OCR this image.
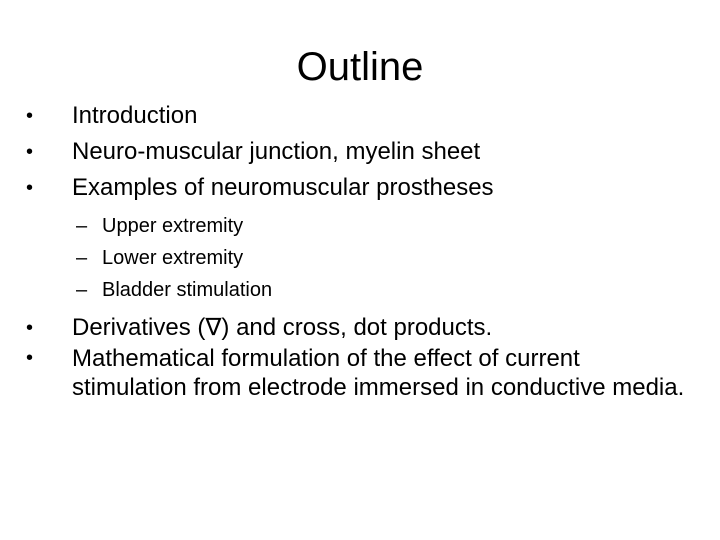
Outline
• Introduction
• Neuro-muscular junction, myelin sheet
• Examples of neuromuscular prostheses
– Upper extremity
– Lower extremity
– Bladder stimulation
• Derivatives (∇) and cross, dot products.
• Mathematical formulation of the effect of current stimulation from electrode immersed in conductive media.
